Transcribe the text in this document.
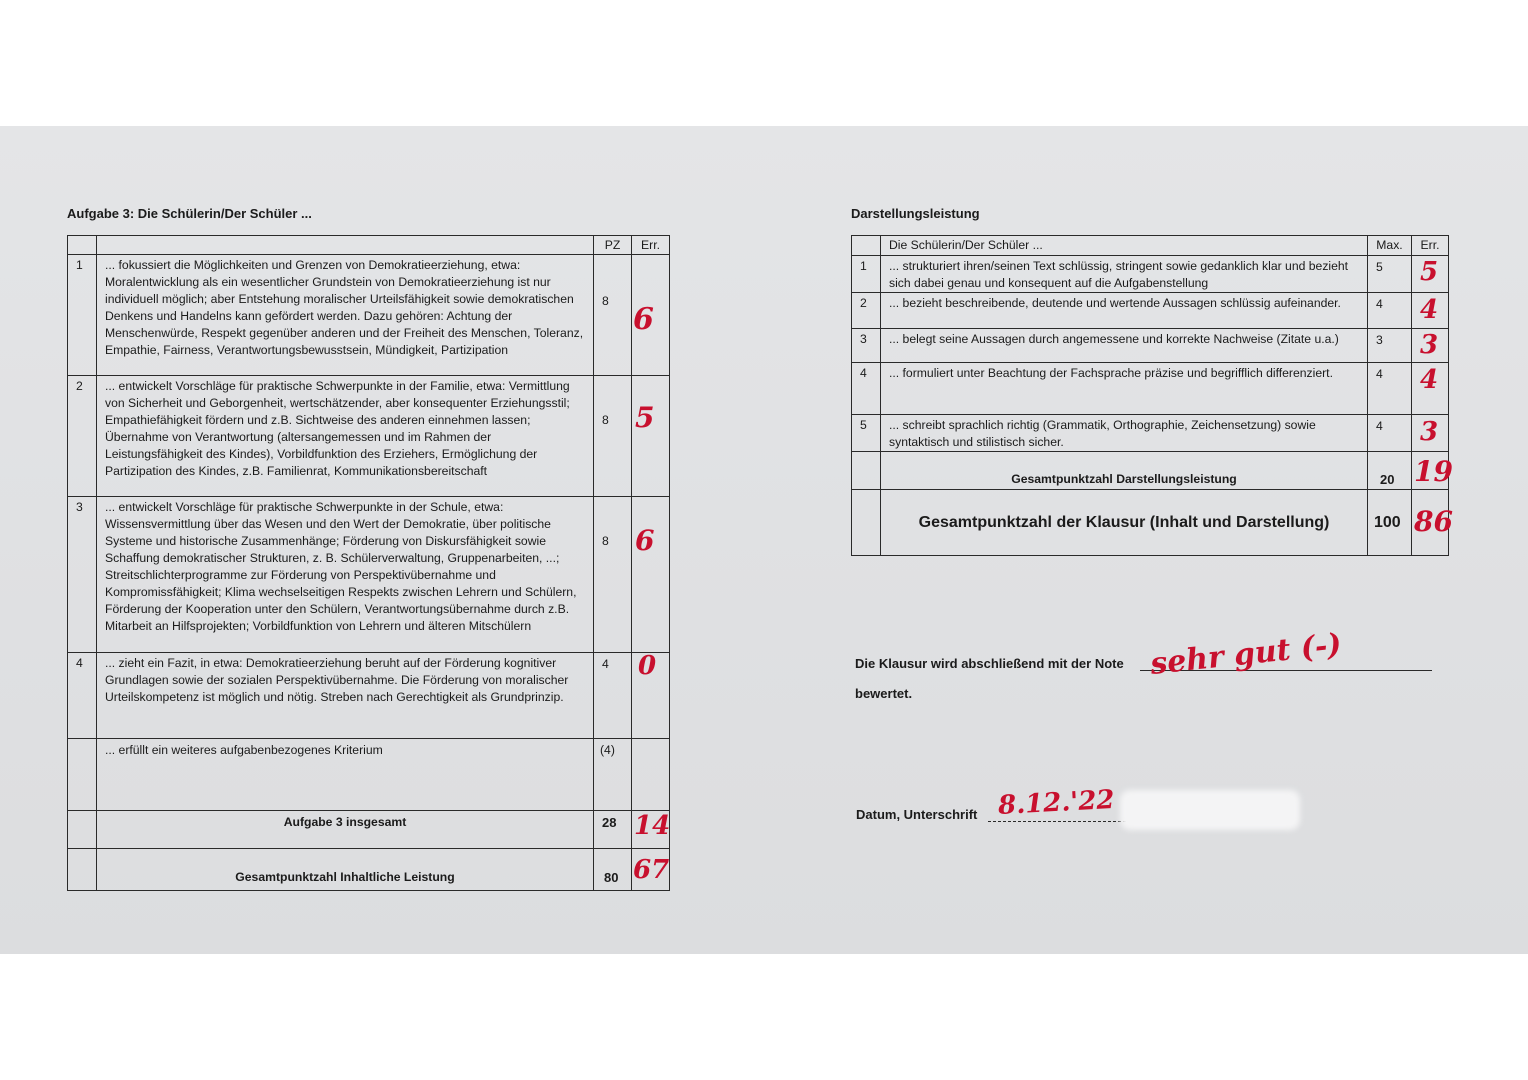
Aufgabe 3: Die Schülerin/Der Schüler ...
		PZ	Err.
1	... fokussiert die Möglichkeiten und Grenzen von Demokratieerziehung, etwa: Moralentwicklung als ein wesentlicher Grundstein von Demokratieerziehung ist nur individuell möglich; aber Entstehung moralischer Urteilsfähigkeit sowie demokratischen Denkens und Handelns kann gefördert werden. Dazu gehören: Achtung der Menschenwürde, Respekt gegenüber anderen und der Freiheit des Menschen, Toleranz, Empathie, Fairness, Verantwortungsbewusstsein, Mündigkeit, Partizipation	8	6

2	... entwickelt Vorschläge für praktische Schwerpunkte in der Familie, etwa: Vermittlung von Sicherheit und Geborgenheit, wertschätzender, aber konsequenter Erziehungsstil; Empathiefähigkeit fördern und z.B. Sichtweise des anderen einnehmen lassen; Übernahme von Verantwortung (altersangemessen und im Rahmen der Leistungsfähigkeit des Kindes), Vorbildfunktion des Erziehers, Ermöglichung der Partizipation des Kindes, z.B. Familienrat, Kommunikationsbereitschaft	8	5

3	... entwickelt Vorschläge für praktische Schwerpunkte in der Schule, etwa: Wissensvermittlung über das Wesen und den Wert der Demokratie, über politische Systeme und historische Zusammenhänge; Förderung von Diskursfähigkeit sowie Schaffung demokratischer Strukturen, z. B. Schülerverwaltung, Gruppenarbeiten, ...; Streitschlichterprogramme zur Förderung von Perspektivübernahme und Kompromissfähigkeit; Klima wechselseitigen Respekts zwischen Lehrern und Schülern, Förderung der Kooperation unter den Schülern, Verantwortungsübernahme durch z.B. Mitarbeit an Hilfsprojekten; Vorbildfunktion von Lehrern und älteren Mitschülern	8	6

4	... zieht ein Fazit, in etwa: Demokratieerziehung beruht auf der Förderung kognitiver Grundlagen sowie der sozialen Perspektivübernahme. Die Förderung von moralischer Urteilskompetenz ist möglich und nötig. Streben nach Gerechtigkeit als Grundprinzip.	4	0

	... erfüllt ein weiteres aufgabenbezogenes Kriterium	(4)	
	Aufgabe 3 insgesamt	28	14

	Gesamtpunktzahl Inhaltliche Leistung	80	67
Darstellungsleistung
	Die Schülerin/Der Schüler ...	Max.	Err.
1	... strukturiert ihren/seinen Text schlüssig, stringent sowie gedanklich klar und bezieht sich dabei genau und konsequent auf die Aufgabenstellung	5	5

2	... bezieht beschreibende, deutende und wertende Aussagen schlüssig aufeinander.	4	4

3	... belegt seine Aussagen durch angemessene und korrekte Nachweise (Zitate u.a.)	3	3

4	... formuliert unter Beachtung der Fachsprache präzise und begrifflich differenziert.	4	4

5	... schreibt sprachlich richtig (Grammatik, Orthographie, Zeichensetzung) sowie syntaktisch und stilistisch sicher.	4	3

	Gesamtpunktzahl Darstellungsleistung	20	19

	Gesamtpunktzahl der Klausur (Inhalt und Darstellung)	100	86
Die Klausur wird abschließend mit der Note sehr gut (-)
bewertet.
Datum, Unterschrift 8.12.'22
